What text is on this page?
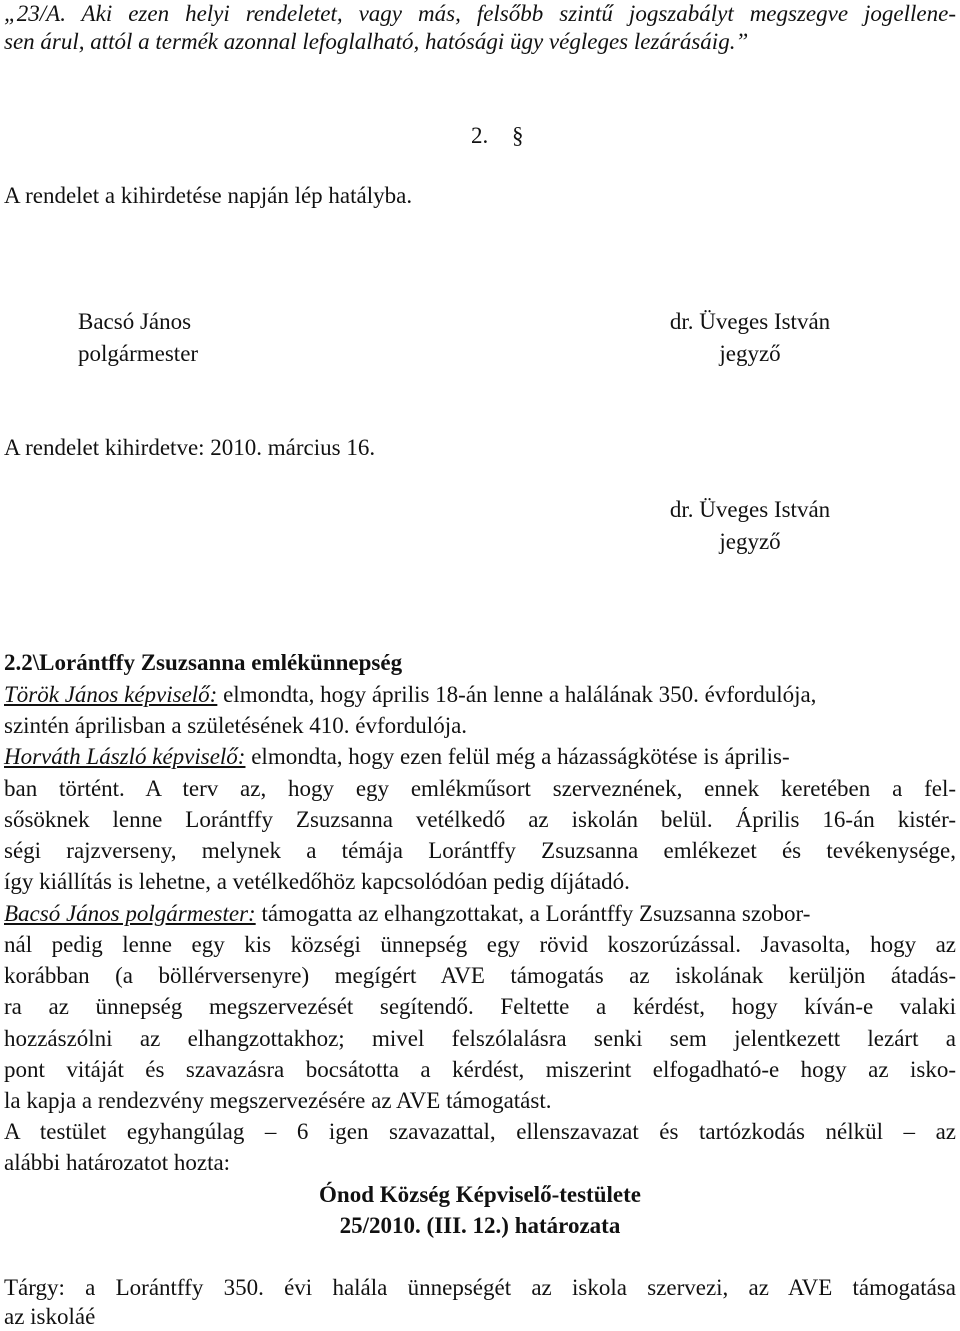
„23/A. Aki ezen helyi rendeletet, vagy más, felsőbb szintű jogszabályt megszegve jogellene-

sen árul, attól a termék azonnal lefoglalható, hatósági ügy végleges lezárásáig.”

2. §

A rendelet a kihirdetése napján lép hatályba.

Bacsó János

polgármester

dr. Üveges István

jegyző

A rendelet kihirdetve: 2010. március 16.

dr. Üveges István

jegyző

2.2\Lorántffy Zsuzsanna emlékünnepség

Török János képviselő: elmondta, hogy április 18-án lenne a halálának 350. évfordulója,

szintén áprilisban a születésének 410. évfordulója.

Horváth László képviselő: elmondta, hogy ezen felül még a házasságkötése is április-

ban történt. A terv az, hogy egy emlékműsort szerveznének, ennek keretében a fel-

sősöknek lenne Lorántffy Zsuzsanna vetélkedő az iskolán belül. Április 16-án kistér-

ségi rajzverseny, melynek a témája Lorántffy Zsuzsanna emlékezet és tevékenysége,

így kiállítás is lehetne, a vetélkedőhöz kapcsolódóan pedig díjátadó.

Bacsó János polgármester: támogatta az elhangzottakat, a Lorántffy Zsuzsanna szobor-

nál pedig lenne egy kis községi ünnepség egy rövid koszorúzással. Javasolta, hogy az

korábban (a böllérversenyre) megígért AVE támogatás az iskolának kerüljön átadás-

ra az ünnepség megszervezését segítendő. Feltette a kérdést, hogy kíván-e valaki

hozzászólni az elhangzottakhoz; mivel felszólalásra senki sem jelentkezett lezárt a

pont vitáját és szavazásra bocsátotta a kérdést, miszerint elfogadható-e hogy az isko-

la kapja a rendezvény megszervezésére az AVE támogatást.

A testület egyhangúlag – 6 igen szavazattal, ellenszavazat és tartózkodás nélkül – az

alábbi határozatot hozta:

Ónod Község Képviselő-testülete

25/2010. (III. 12.) határozata

Tárgy: a Lorántffy 350. évi halála ünnepségét az iskola szervezi, az AVE támogatása

az iskoláé
